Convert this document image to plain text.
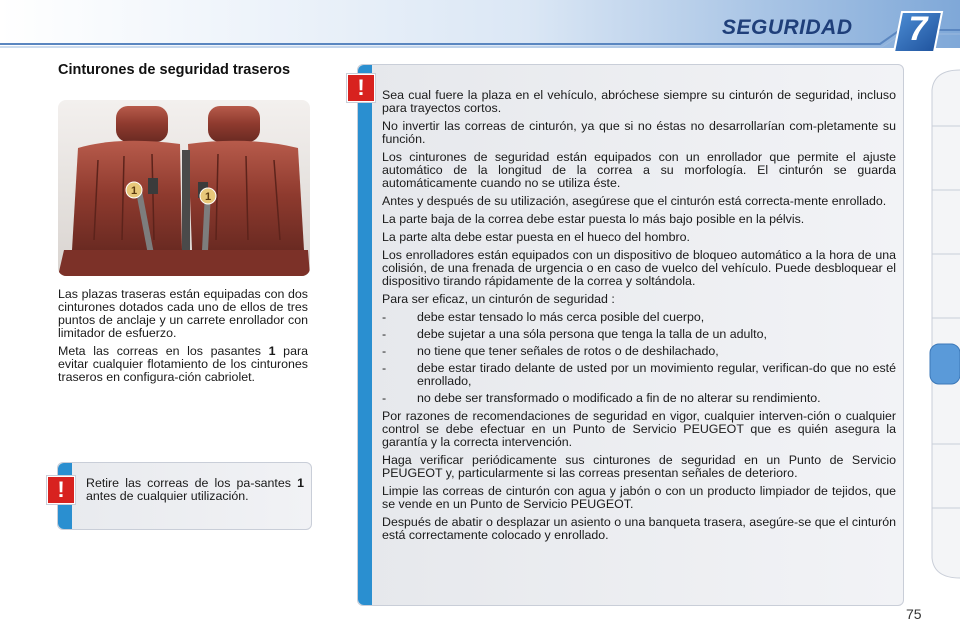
SEGURIDAD	7
Cinturones de seguridad traseros
1	1

Las plazas traseras están equipadas con dos cinturones dotados cada uno de ellos de tres puntos de anclaje y un carrete enrollador con limitador de esfuerzo.

Meta las correas en los pasantes 1 para evitar cualquier flotamiento de los cinturones traseros en configura-ción cabriolet.

Retire las correas de los pa-santes 1 antes de cualquier utilización.
!

Sea cual fuere la plaza en el vehículo, abróchese siempre su cinturón de seguridad, incluso para trayectos cortos.

No invertir las correas de cinturón, ya que si no éstas no desarrollarían com-pletamente su función.

Los cinturones de seguridad están equipados con un enrollador que permite el ajuste automático de la longitud de la correa a su morfología. El cinturón se guarda automáticamente cuando no se utiliza éste.

Antes y después de su utilización, asegúrese que el cinturón está correcta-mente enrollado.

La parte baja de la correa debe estar puesta lo más bajo posible en la pélvis.

La parte alta debe estar puesta en el hueco del hombro.

Los enrolladores están equipados con un dispositivo de bloqueo automático a la hora de una colisión, de una frenada de urgencia o en caso de vuelco del vehículo. Puede desbloquear el dispositivo tirando rápidamente de la correa y soltándola.

Para ser eficaz, un cinturón de seguridad :

- debe estar tensado lo más cerca posible del cuerpo,
- debe sujetar a una sóla persona que tenga la talla de un adulto,
- no tiene que tener señales de rotos o de deshilachado,
- debe estar tirado delante de usted por un movimiento regular, verifican-do que no esté enrollado,
- no debe ser transformado o modificado a fin de no alterar su rendimiento.

Por razones de recomendaciones de seguridad en vigor, cualquier interven-ción o cualquier control se debe efectuar en un Punto de Servicio PEUGEOT que es quién asegura la garantía y la correcta intervención.

Haga verificar periódicamente sus cinturones de seguridad en un Punto de Servicio PEUGEOT y, particularmente si las correas presentan señales de deterioro.

Limpie las correas de cinturón con agua y jabón o con un producto limpiador de tejidos, que se vende en un Punto de Servicio PEUGEOT.

Después de abatir o desplazar un asiento o una banqueta trasera, asegúre-se que el cinturón está correctamente colocado y enrollado.

!
75
